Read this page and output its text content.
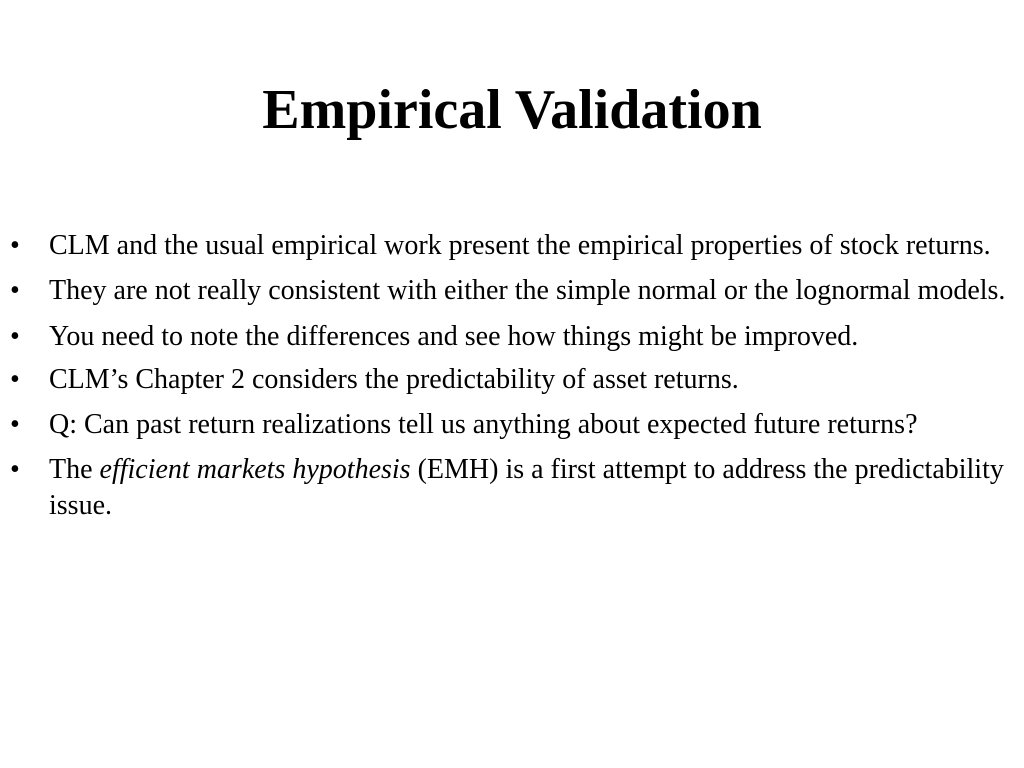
Empirical Validation
•	CLM and the usual empirical work present the empirical properties of stock returns.
•	They are not really consistent with either the simple normal or the lognormal models.
•	You need to note the differences and see how things might be improved.
•	CLM’s Chapter 2 considers the predictability of asset returns.
•	Q: Can past return realizations tell us anything about expected future returns?
•	The efficient markets hypothesis (EMH) is a first attempt to address the predictability issue.
